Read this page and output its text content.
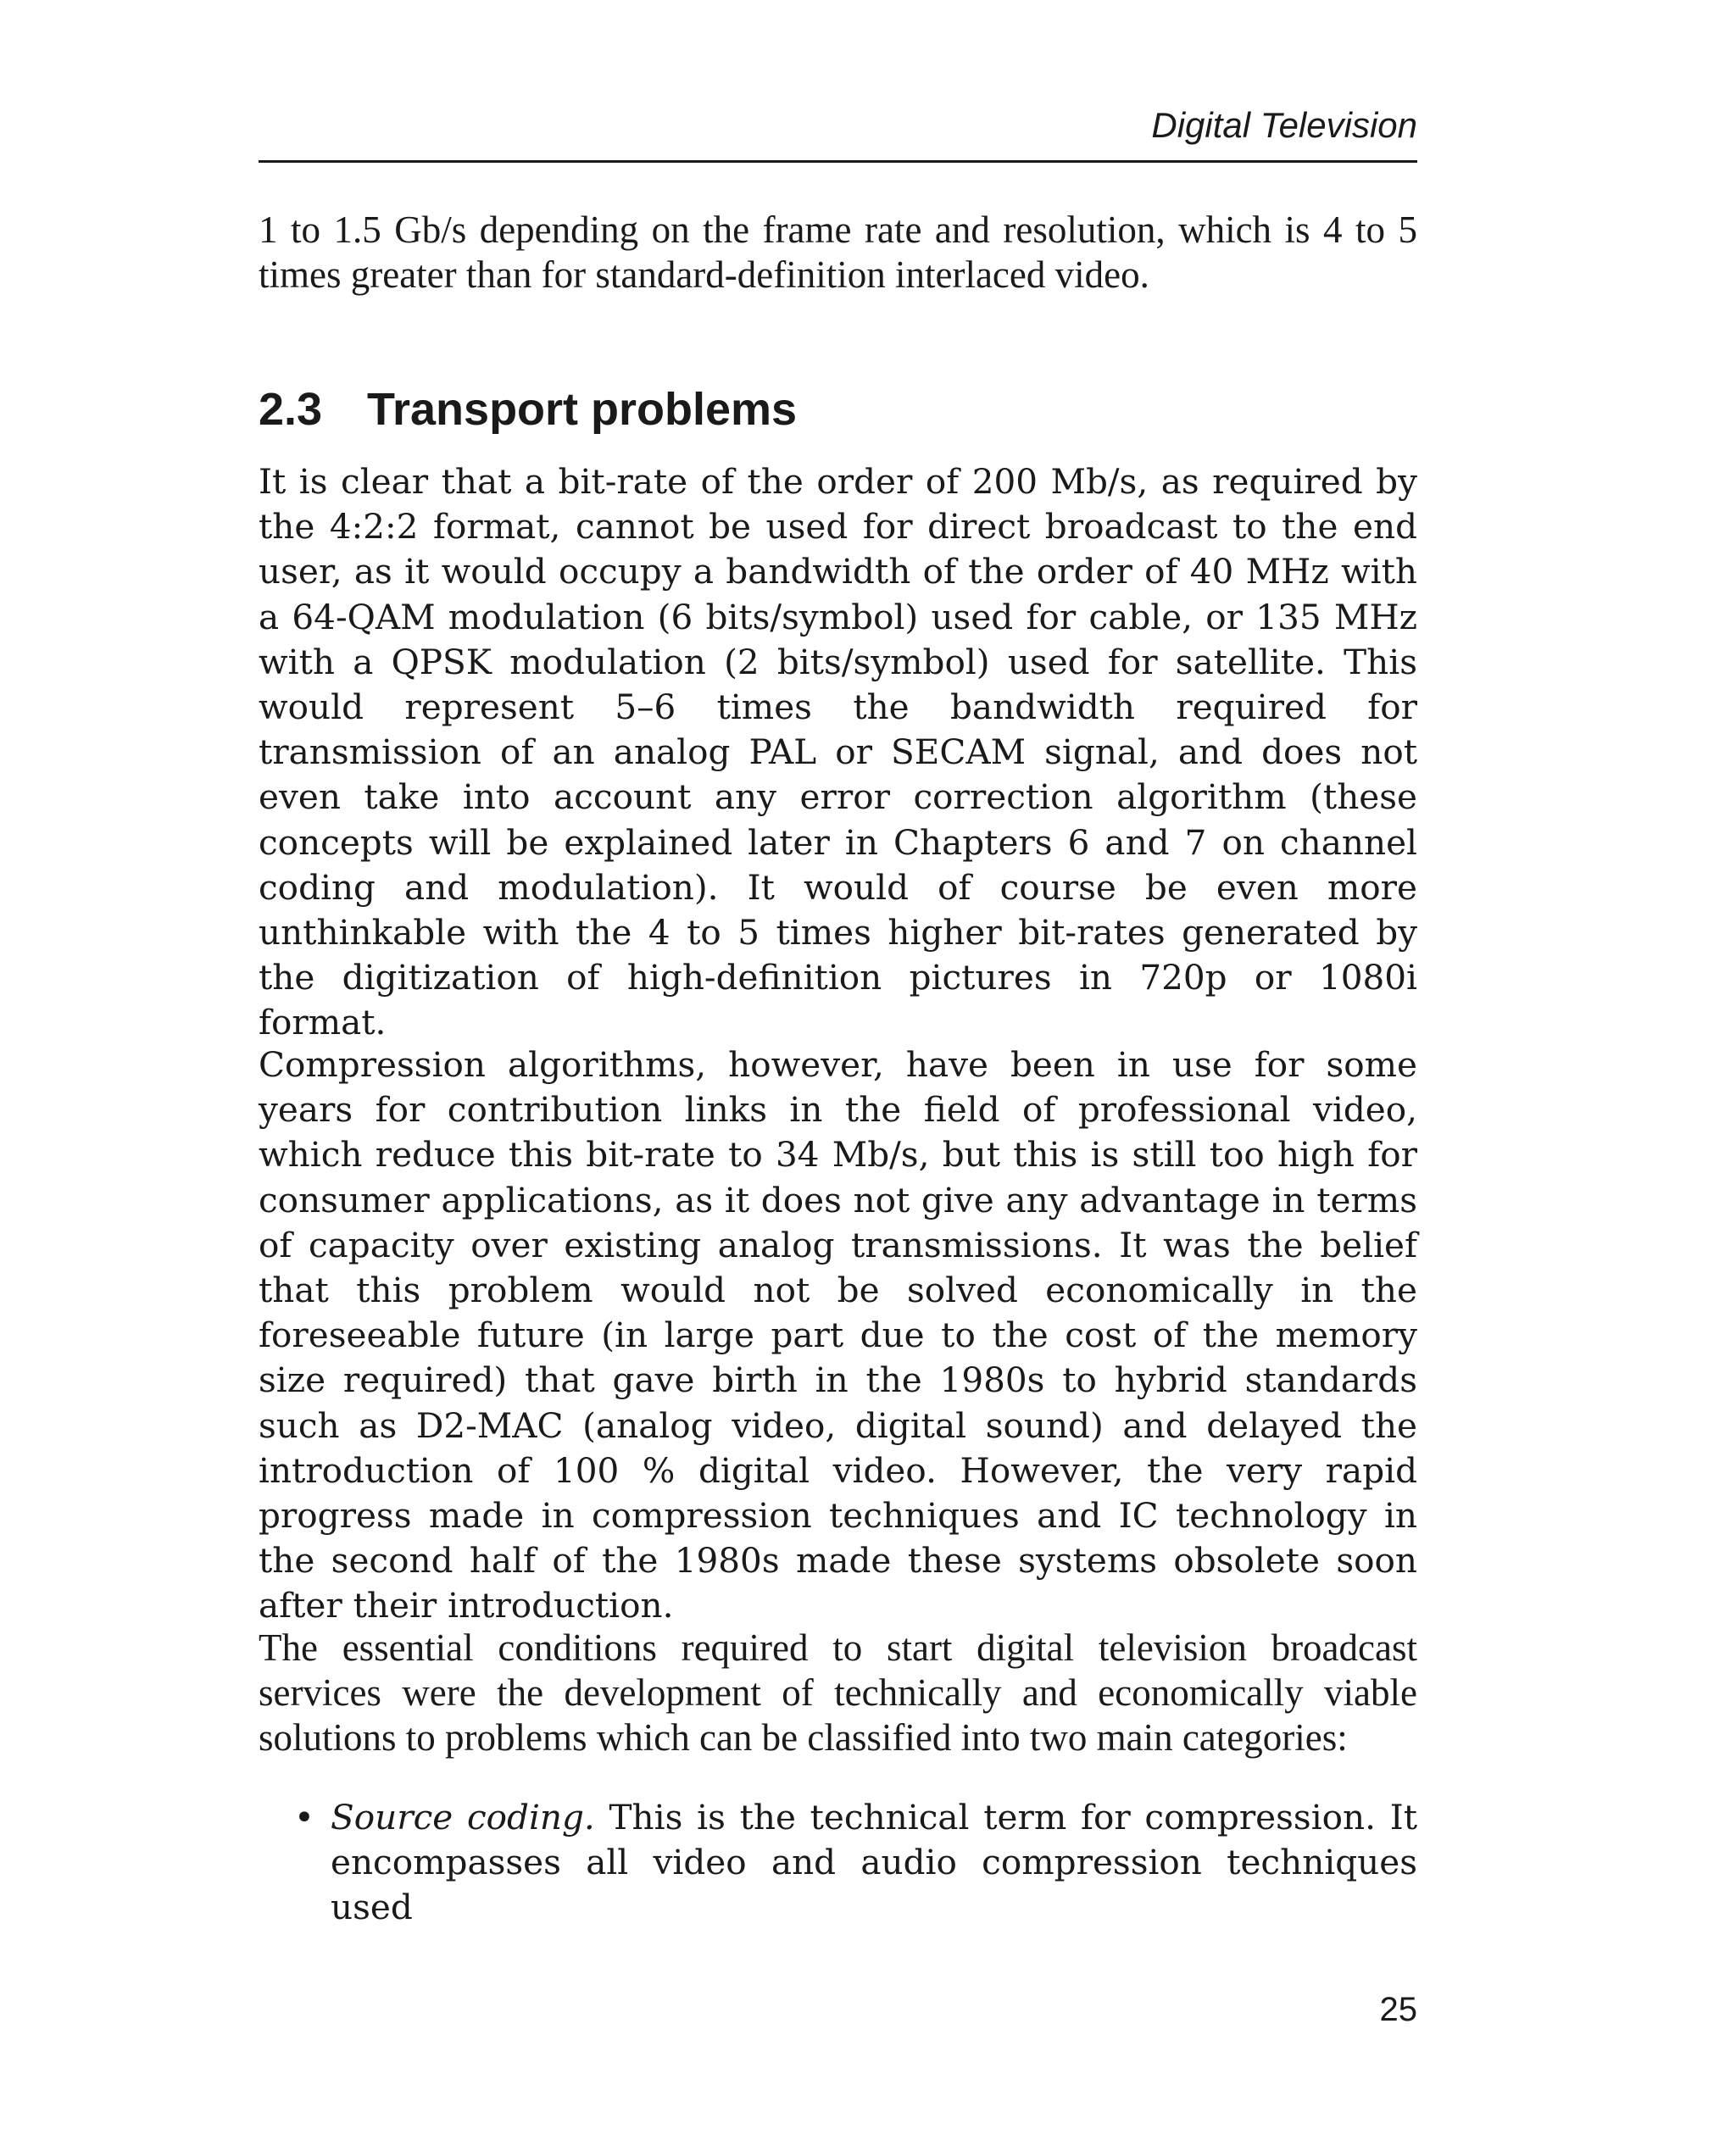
Digital Television

1 to 1.5 Gb/s depending on the frame rate and resolution, which is 4 to 5 times greater than for standard-definition interlaced video.

2.3 Transport problems

It is clear that a bit-rate of the order of 200 Mb/s, as required by the 4:2:2 format, cannot be used for direct broadcast to the end user, as it would occupy a bandwidth of the order of 40 MHz with a 64-QAM modulation (6 bits/symbol) used for cable, or 135 MHz with a QPSK modulation (2 bits/symbol) used for satellite. This would represent 5–6 times the bandwidth required for transmission of an analog PAL or SECAM signal, and does not even take into account any error correction algorithm (these concepts will be explained later in Chapters 6 and 7 on channel coding and modulation). It would of course be even more unthinkable with the 4 to 5 times higher bit-rates generated by the digitization of high-definition pictures in 720p or 1080i format.

Compression algorithms, however, have been in use for some years for contribution links in the field of professional video, which reduce this bit-rate to 34 Mb/s, but this is still too high for consumer applications, as it does not give any advantage in terms of capacity over existing analog transmissions. It was the belief that this problem would not be solved economically in the foreseeable future (in large part due to the cost of the memory size required) that gave birth in the 1980s to hybrid standards such as D2-MAC (analog video, digital sound) and delayed the introduction of 100 % digital video. However, the very rapid progress made in compression techniques and IC technology in the second half of the 1980s made these systems obsolete soon after their introduction.

The essential conditions required to start digital television broadcast services were the development of technically and economically viable solutions to problems which can be classified into two main categories:

• Source coding. This is the technical term for compression. It encompasses all video and audio compression techniques used
25
